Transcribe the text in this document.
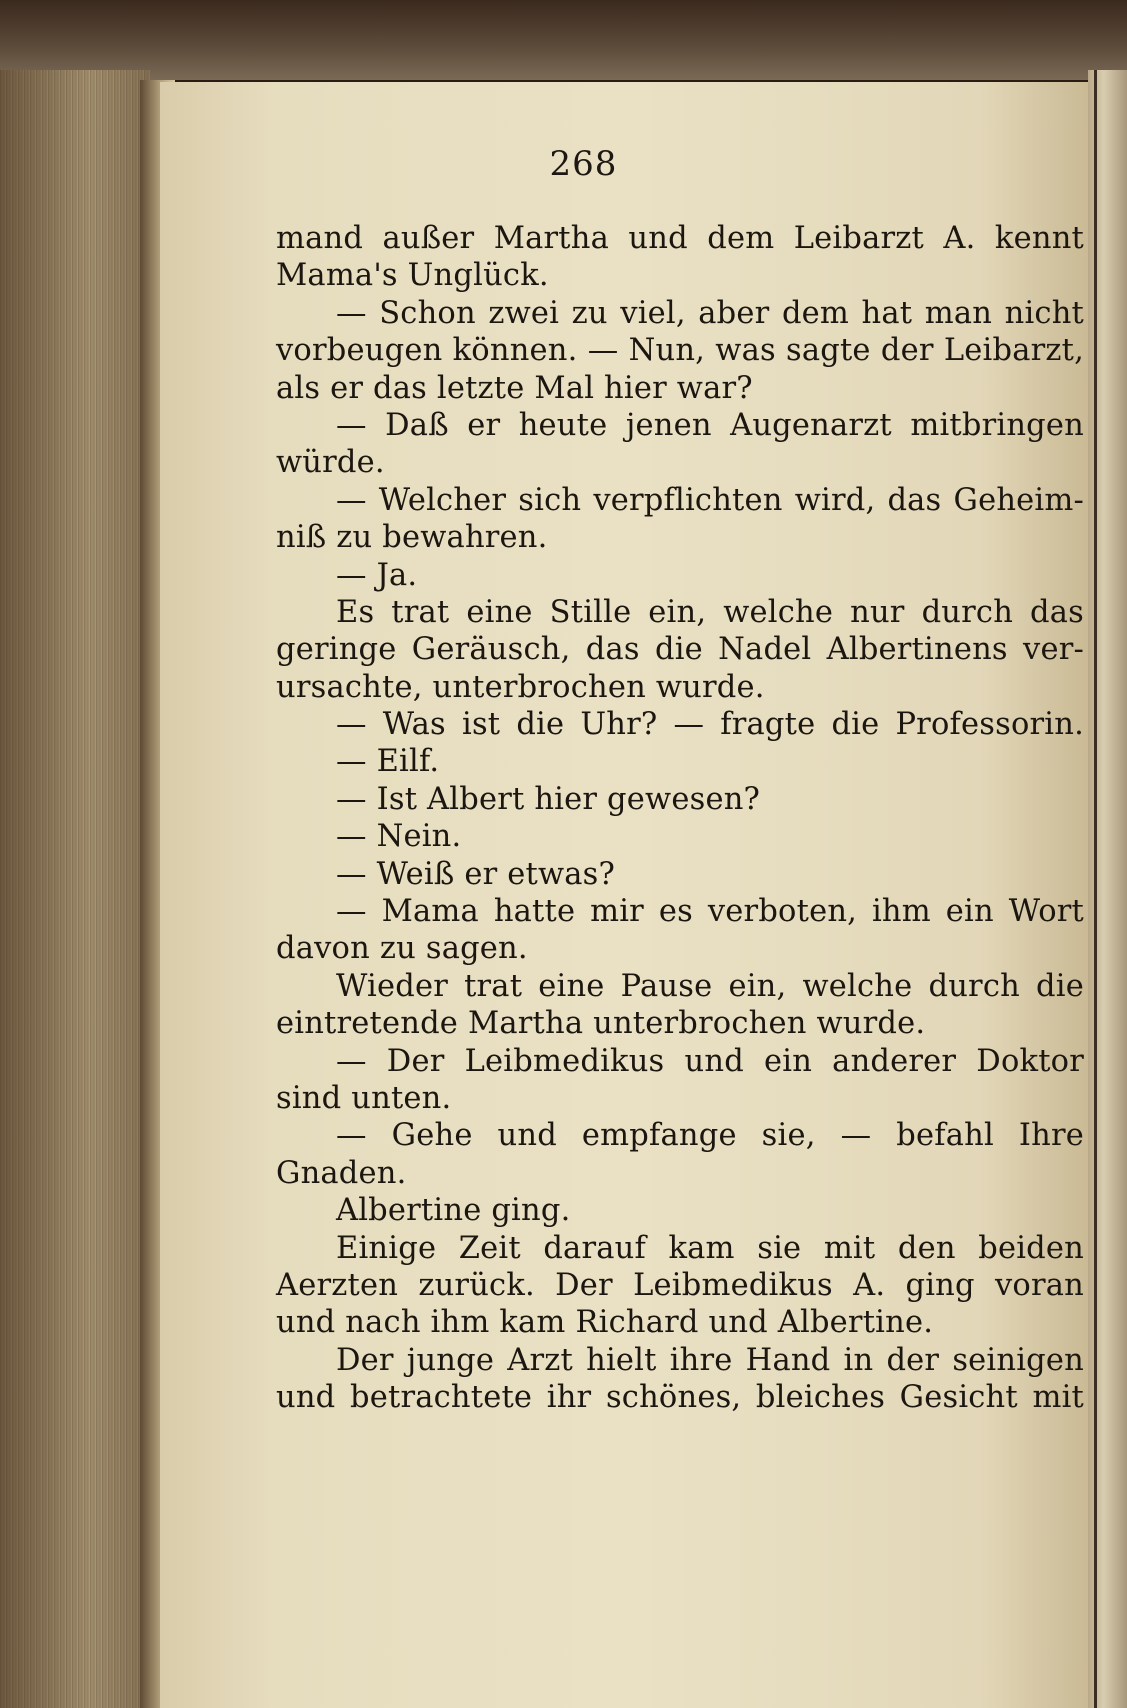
268
mand außer Martha und dem Leibarzt A. kennt
Mama's Unglück.
— Schon zwei zu viel, aber dem hat man nicht
vorbeugen können. — Nun, was sagte der Leibarzt,
als er das letzte Mal hier war?
— Daß er heute jenen Augenarzt mitbringen
würde.
— Welcher sich verpflichten wird, das Geheim-
niß zu bewahren.
— Ja.
Es trat eine Stille ein, welche nur durch das
geringe Geräusch, das die Nadel Albertinens ver-
ursachte, unterbrochen wurde.
— Was ist die Uhr? — fragte die Professorin.
— Eilf.
— Ist Albert hier gewesen?
— Nein.
— Weiß er etwas?
— Mama hatte mir es verboten, ihm ein Wort
davon zu sagen.
Wieder trat eine Pause ein, welche durch die
eintretende Martha unterbrochen wurde.
— Der Leibmedikus und ein anderer Doktor
sind unten.
— Gehe und empfange sie, — befahl Ihre
Gnaden.
Albertine ging.
Einige Zeit darauf kam sie mit den beiden
Aerzten zurück. Der Leibmedikus A. ging voran
und nach ihm kam Richard und Albertine.
Der junge Arzt hielt ihre Hand in der seinigen
und betrachtete ihr schönes, bleiches Gesicht mit
